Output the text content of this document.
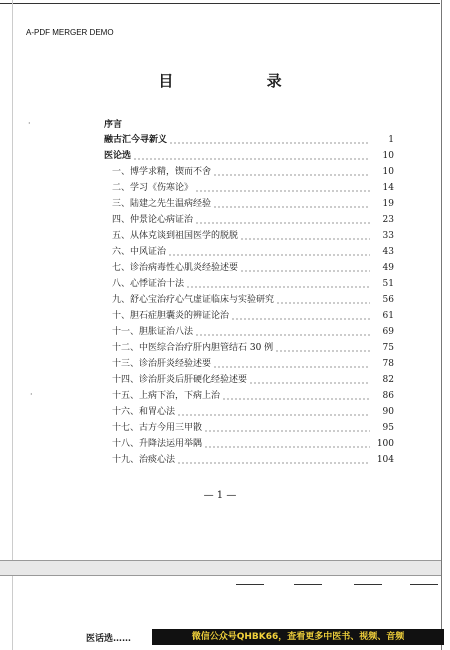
A-PDF MERGER DEMO
目 录
·
·
序言
融古汇今寻新义	1
医论选	10
一、博学求精，锲而不舍	10
二、学习《伤寒论》	14
三、陆建之先生温病经验	19
四、仲景论心病证治	23
五、从体克谈到祖国医学的脱脱	33
六、中风证治	43
七、诊治病毒性心肌炎经验述要	49
八、心悸证治十法	51
九、舒心宝治疗心气虚证临床与实验研究	56
十、胆石症胆囊炎的辨证论治	61
十一、胆胀证治八法	69
十二、中医综合治疗肝内胆管结石 30 例	75
十三、诊治肝炎经验述要	78
十四、诊治肝炎后肝硬化经验述要	82
十五、上病下治，下病上治	86
十六、和胃心法	90
十七、古方今用三甲散	95
十八、升降法运用举隅	100
十九、治痰心法	104
— 1 —
医话选……	微信公众号QHBK66，查看更多中医书、视频、音频
